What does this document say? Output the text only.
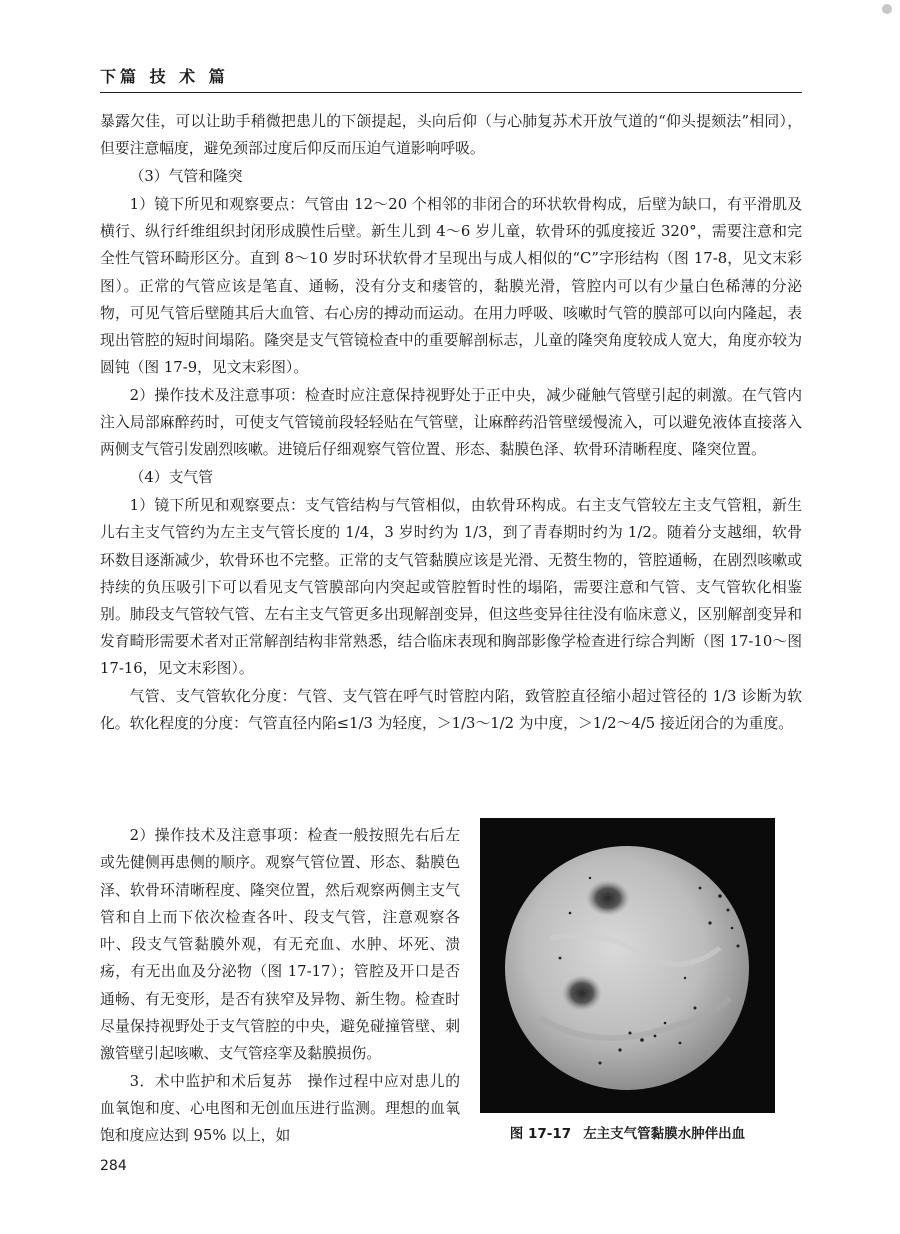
下篇 技 术 篇

暴露欠佳，可以让助手稍微把患儿的下颌提起，头向后仰（与心肺复苏术开放气道的“仰头提颏法”相同），但要注意幅度，避免颈部过度后仰反而压迫气道影响呼吸。

（3）气管和隆突

1）镜下所见和观察要点：气管由 12～20 个相邻的非闭合的环状软骨构成，后壁为缺口，有平滑肌及横行、纵行纤维组织封闭形成膜性后壁。新生儿到 4～6 岁儿童，软骨环的弧度接近 320°，需要注意和完全性气管环畸形区分。直到 8～10 岁时环状软骨才呈现出与成人相似的“C”字形结构（图 17-8，见文末彩图）。正常的气管应该是笔直、通畅，没有分支和瘘管的，黏膜光滑，管腔内可以有少量白色稀薄的分泌物，可见气管后壁随其后大血管、右心房的搏动而运动。在用力呼吸、咳嗽时气管的膜部可以向内隆起，表现出管腔的短时间塌陷。隆突是支气管镜检查中的重要解剖标志，儿童的隆突角度较成人宽大，角度亦较为圆钝（图 17-9，见文末彩图）。

2）操作技术及注意事项：检查时应注意保持视野处于正中央，减少碰触气管壁引起的刺激。在气管内注入局部麻醉药时，可使支气管镜前段轻轻贴在气管壁，让麻醉药沿管壁缓慢流入，可以避免液体直接落入两侧支气管引发剧烈咳嗽。进镜后仔细观察气管位置、形态、黏膜色泽、软骨环清晰程度、隆突位置。

（4）支气管

1）镜下所见和观察要点：支气管结构与气管相似，由软骨环构成。右主支气管较左主支气管粗，新生儿右主支气管约为左主支气管长度的 1/4，3 岁时约为 1/3，到了青春期时约为 1/2。随着分支越细，软骨环数目逐渐减少，软骨环也不完整。正常的支气管黏膜应该是光滑、无赘生物的，管腔通畅，在剧烈咳嗽或持续的负压吸引下可以看见支气管膜部向内突起或管腔暂时性的塌陷，需要注意和气管、支气管软化相鉴别。肺段支气管较气管、左右主支气管更多出现解剖变异，但这些变异往往没有临床意义，区别解剖变异和发育畸形需要术者对正常解剖结构非常熟悉，结合临床表现和胸部影像学检查进行综合判断（图 17-10～图 17-16，见文末彩图）。

气管、支气管软化分度：气管、支气管在呼气时管腔内陷，致管腔直径缩小超过管径的 1/3 诊断为软化。软化程度的分度：气管直径内陷≤1/3 为轻度，＞1/3～1/2 为中度，＞1/2～4/5 接近闭合的为重度。

2）操作技术及注意事项：检查一般按照先右后左或先健侧再患侧的顺序。观察气管位置、形态、黏膜色泽、软骨环清晰程度、隆突位置，然后观察两侧主支气管和自上而下依次检查各叶、段支气管，注意观察各叶、段支气管黏膜外观，有无充血、水肿、坏死、溃疡，有无出血及分泌物（图 17-17）；管腔及开口是否通畅、有无变形，是否有狭窄及异物、新生物。检查时尽量保持视野处于支气管腔的中央，避免碰撞管壁、刺激管壁引起咳嗽、支气管痉挛及黏膜损伤。

3．术中监护和术后复苏　操作过程中应对患儿的血氧饱和度、心电图和无创血压进行监测。理想的血氧饱和度应达到 95% 以上，如	图 17-17 左主支气管黏膜水肿伴出血
284
